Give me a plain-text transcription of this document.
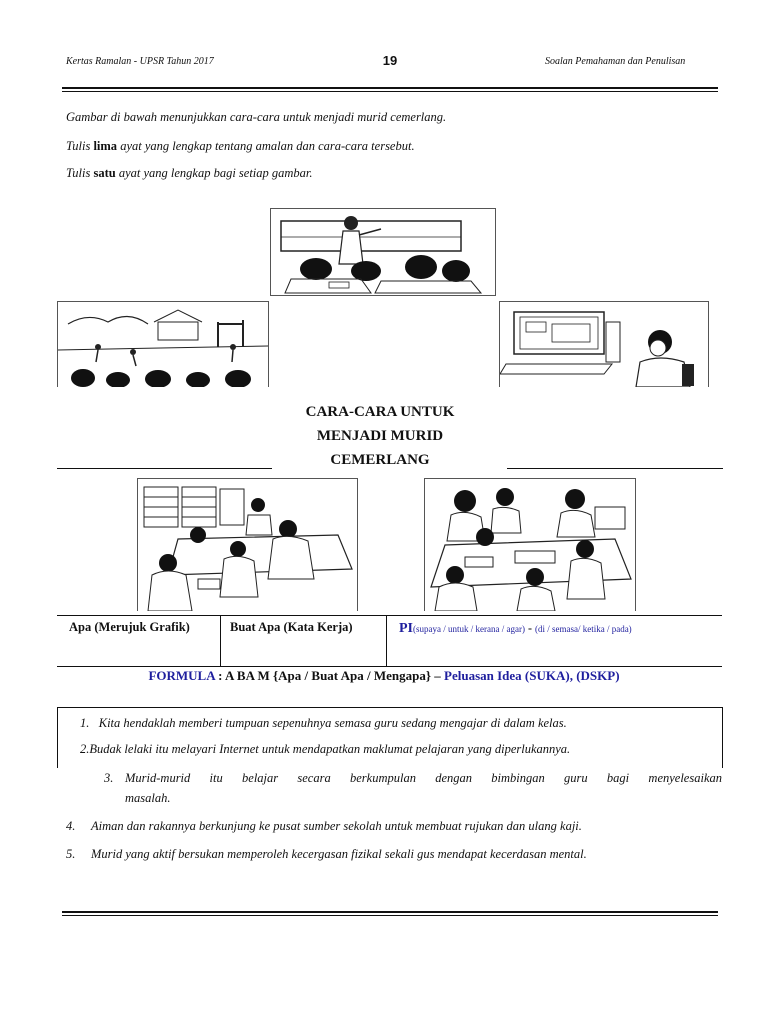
Kertas Ramalan - UPSR Tahun 2017	19	Soalan Pemahaman dan Penulisan
Gambar di bawah menunjukkan cara-cara untuk menjadi murid cemerlang.
Tulis lima ayat yang lengkap tentang amalan dan cara-cara tersebut.
Tulis satu ayat yang lengkap bagi setiap gambar.
CARA-CARA UNTUK
MENJADI MURID
CEMERLANG
Apa (Merujuk Grafik)	Buat Apa (Kata Kerja)	PI(supaya / untuk / kerana / agar) - (di / semasa/ ketika / pada)
FORMULA : A BA M {Apa / Buat Apa / Mengapa} – Peluasan Idea (SUKA), (DSKP)
1. Kita hendaklah memberi tumpuan sepenuhnya semasa guru sedang mengajar di dalam kelas.
2.Budak lelaki itu melayari Internet untuk mendapatkan maklumat pelajaran yang diperlukannya.
3. Murid-murid itu belajar secara berkumpulan dengan bimbingan guru bagi menyelesaikan
masalah.
4. Aiman dan rakannya berkunjung ke pusat sumber sekolah untuk membuat rujukan dan ulang kaji.
5. Murid yang aktif bersukan memperoleh kecergasan fizikal sekali gus mendapat kecerdasan mental.
